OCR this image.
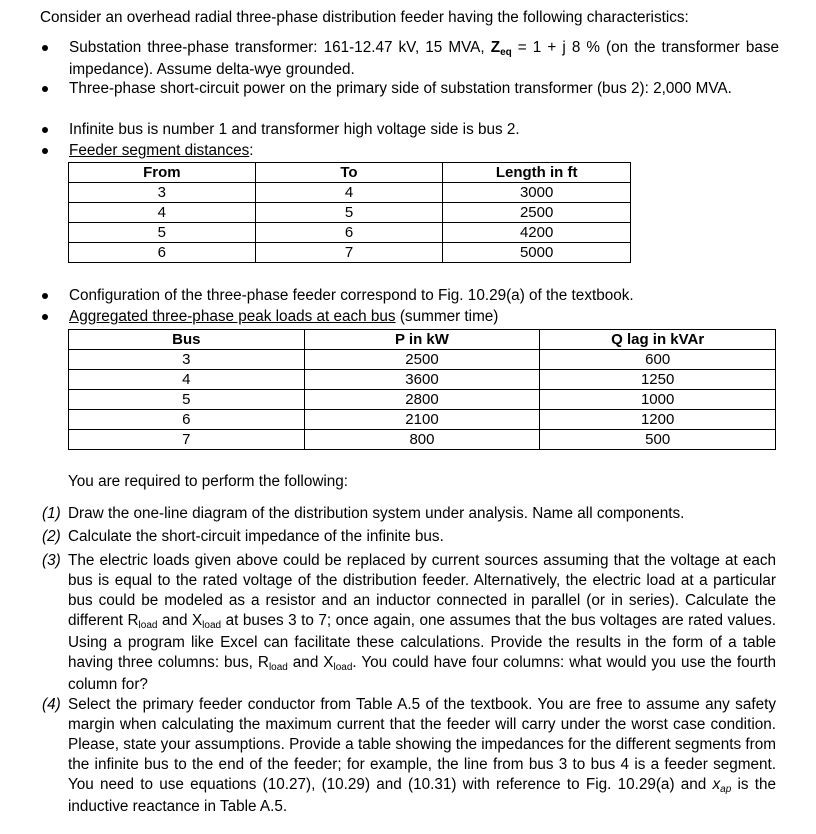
Consider an overhead radial three-phase distribution feeder having the following characteristics:
Substation three-phase transformer: 161-12.47 kV, 15 MVA, Zeq = 1 + j 8 % (on the transformer base impedance). Assume delta-wye grounded.
Three-phase short-circuit power on the primary side of substation transformer (bus 2): 2,000 MVA.
Infinite bus is number 1 and transformer high voltage side is bus 2.
Feeder segment distances:
From	To	Length in ft
3	4	3000
4	5	2500
5	6	4200
6	7	5000
Configuration of the three-phase feeder correspond to Fig. 10.29(a) of the textbook.
Aggregated three-phase peak loads at each bus (summer time)
Bus	P in kW	Q lag in kVAr
3	2500	600
4	3600	1250
5	2800	1000
6	2100	1200
7	800	500
You are required to perform the following:
(1) Draw the one-line diagram of the distribution system under analysis. Name all components.
(2) Calculate the short-circuit impedance of the infinite bus.
(3) The electric loads given above could be replaced by current sources assuming that the voltage at each bus is equal to the rated voltage of the distribution feeder. Alternatively, the electric load at a particular bus could be modeled as a resistor and an inductor connected in parallel (or in series). Calculate the different Rload and Xload at buses 3 to 7; once again, one assumes that the bus voltages are rated values. Using a program like Excel can facilitate these calculations. Provide the results in the form of a table having three columns: bus, Rload and Xload. You could have four columns: what would you use the fourth column for?
(4) Select the primary feeder conductor from Table A.5 of the textbook. You are free to assume any safety margin when calculating the maximum current that the feeder will carry under the worst case condition. Please, state your assumptions. Provide a table showing the impedances for the different segments from the infinite bus to the end of the feeder; for example, the line from bus 3 to bus 4 is a feeder segment. You need to use equations (10.27), (10.29) and (10.31) with reference to Fig. 10.29(a) and xap is the inductive reactance in Table A.5.
